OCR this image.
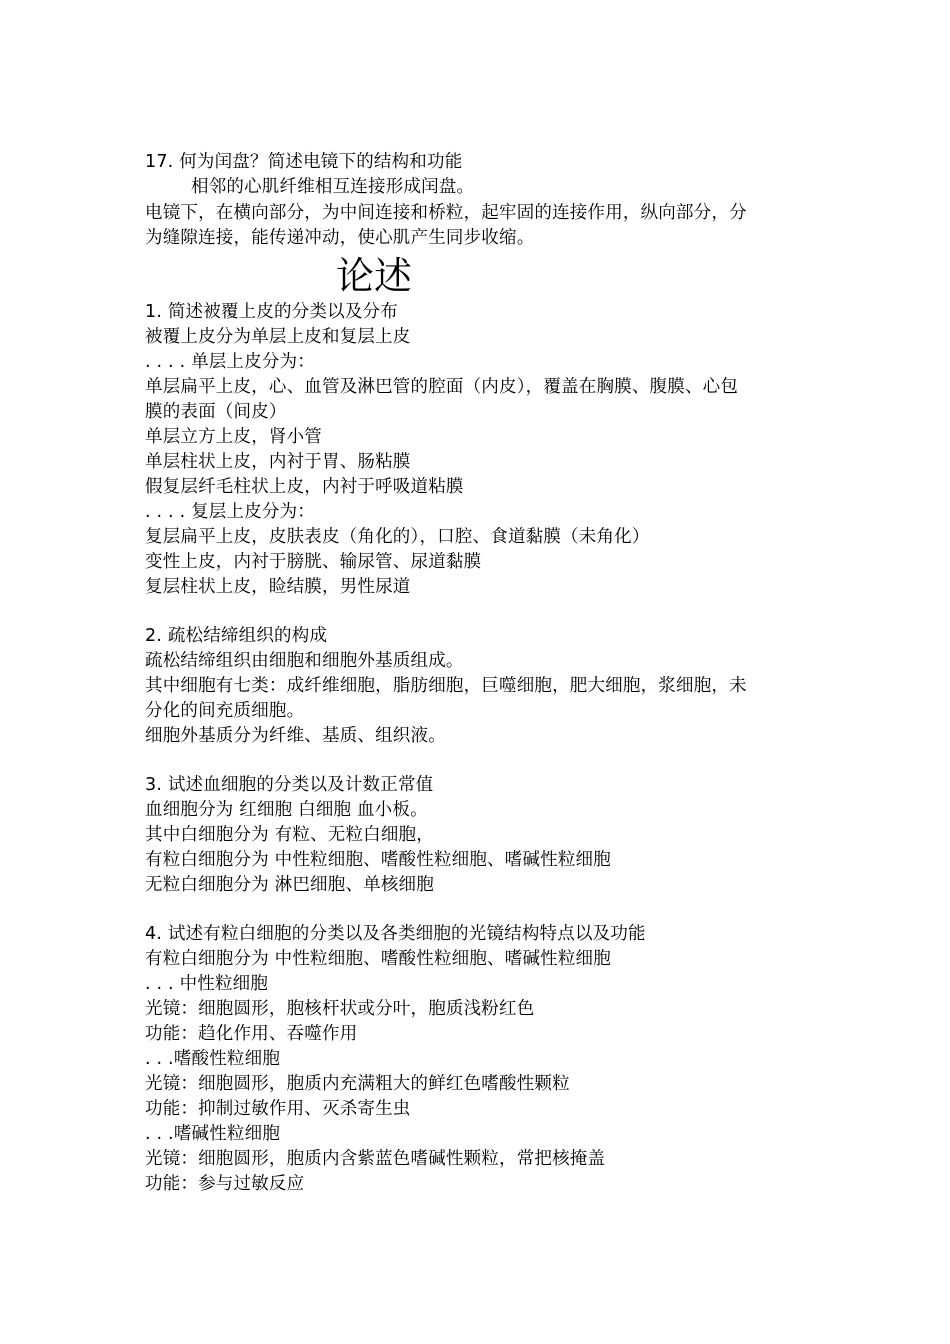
17. 何为闰盘？简述电镜下的结构和功能
相邻的心肌纤维相互连接形成闰盘。
电镜下，在横向部分，为中间连接和桥粒，起牢固的连接作用，纵向部分，分
为缝隙连接，能传递冲动，使心肌产生同步收缩。
论述
1. 简述被覆上皮的分类以及分布
被覆上皮分为单层上皮和复层上皮
. . . . 单层上皮分为：
单层扁平上皮，心、血管及淋巴管的腔面（内皮），覆盖在胸膜、腹膜、心包
膜的表面（间皮）
单层立方上皮，肾小管
单层柱状上皮，内衬于胃、肠粘膜
假复层纤毛柱状上皮，内衬于呼吸道粘膜
. . . . 复层上皮分为：
复层扁平上皮，皮肤表皮（角化的），口腔、食道黏膜（未角化）
变性上皮，内衬于膀胱、输尿管、尿道黏膜
复层柱状上皮，睑结膜，男性尿道
2. 疏松结缔组织的构成
疏松结缔组织由细胞和细胞外基质组成。
其中细胞有七类：成纤维细胞，脂肪细胞，巨噬细胞，肥大细胞，浆细胞，未
分化的间充质细胞。
细胞外基质分为纤维、基质、组织液。
3. 试述血细胞的分类以及计数正常值
血细胞分为 红细胞 白细胞 血小板。
其中白细胞分为 有粒、无粒白细胞，
有粒白细胞分为 中性粒细胞、嗜酸性粒细胞、嗜碱性粒细胞
无粒白细胞分为 淋巴细胞、单核细胞
4. 试述有粒白细胞的分类以及各类细胞的光镜结构特点以及功能
有粒白细胞分为 中性粒细胞、嗜酸性粒细胞、嗜碱性粒细胞
. . . 中性粒细胞
光镜：细胞圆形，胞核杆状或分叶，胞质浅粉红色
功能：趋化作用、吞噬作用
. . .嗜酸性粒细胞
光镜：细胞圆形，胞质内充满粗大的鲜红色嗜酸性颗粒
功能：抑制过敏作用、灭杀寄生虫
. . .嗜碱性粒细胞
光镜：细胞圆形，胞质内含紫蓝色嗜碱性颗粒，常把核掩盖
功能：参与过敏反应
